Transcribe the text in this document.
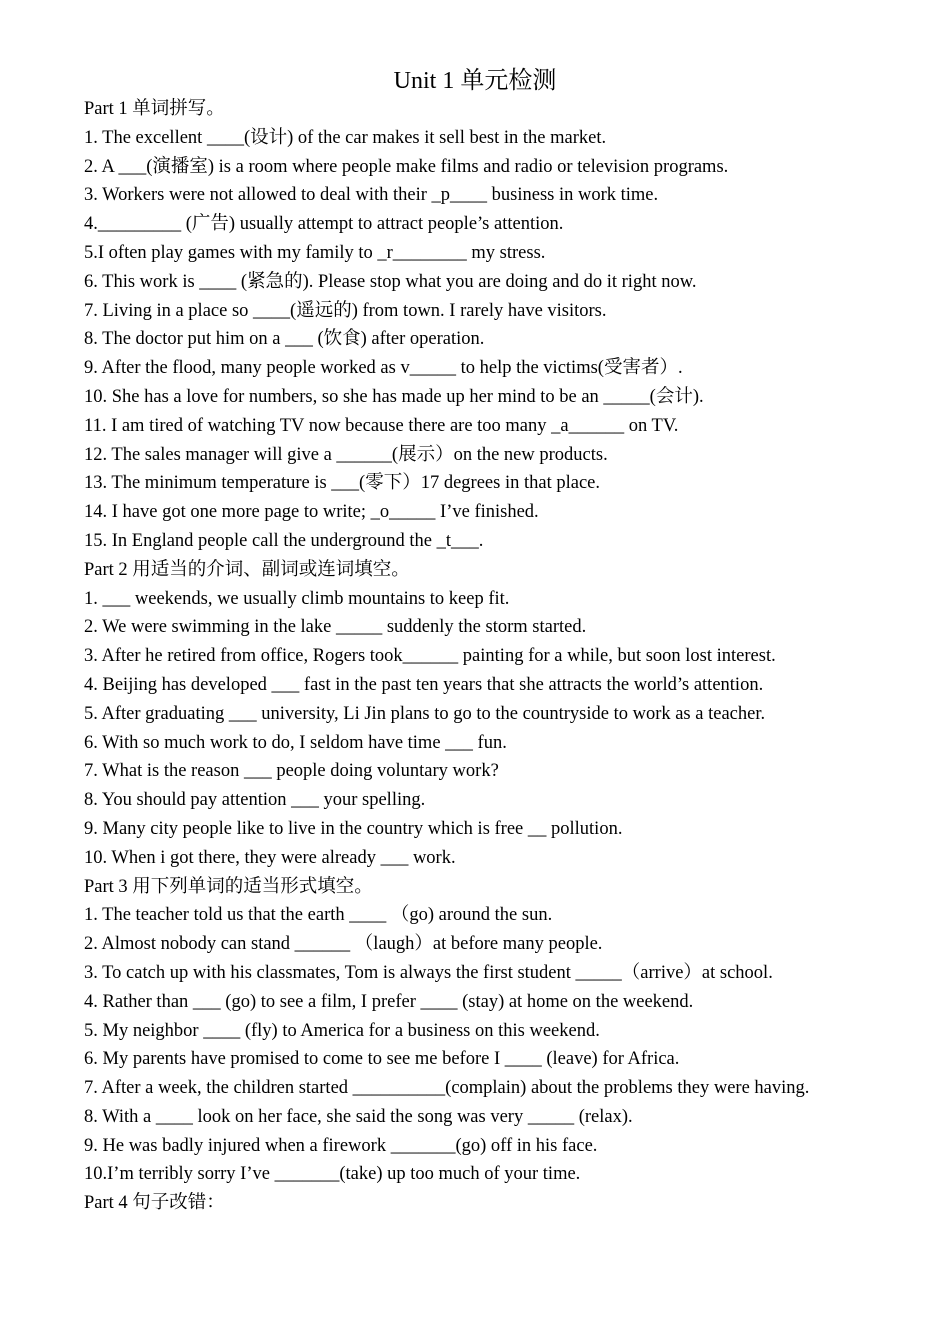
Unit 1 单元检测
Part 1 单词拼写。
1. The excellent ____(设计) of the car makes it sell best in the market.
2. A ___(演播室) is a room where people make films and radio or television programs.
3. Workers were not allowed to deal with their _p____ business in work time.
4._________ (广告) usually attempt to attract people’s attention.
5.I often play games with my family to _r________ my stress.
6. This work is ____ (紧急的). Please stop what you are doing and do it right now.
7. Living in a place so ____(遥远的) from town. I rarely have visitors.
8. The doctor put him on a ___ (饮食) after operation.
9. After the flood, many people worked as v_____ to help the victims(受害者）.
10. She has a love for numbers, so she has made up her mind to be an _____(会计).
11. I am tired of watching TV now because there are too many _a______ on TV.
12. The sales manager will give a ______(展示）on the new products.
13. The minimum temperature is ___(零下）17 degrees in that place.
14. I have got one more page to write; _o_____ I’ve finished.
15. In England people call the underground the _t___.
Part 2 用适当的介词、副词或连词填空。
1. ___ weekends, we usually climb mountains to keep fit.
2. We were swimming in the lake _____ suddenly the storm started.
3. After he retired from office, Rogers took______ painting for a while, but soon lost interest.
4. Beijing has developed ___ fast in the past ten years that she attracts the world’s attention.
5. After graduating ___ university, Li Jin plans to go to the countryside to work as a teacher.
6. With so much work to do, I seldom have time ___ fun.
7. What is the reason ___ people doing voluntary work?
8. You should pay attention ___ your spelling.
9. Many city people like to live in the country which is free __ pollution.
10. When i got there, they were already ___ work.
Part 3 用下列单词的适当形式填空。
1. The teacher told us that the earth ____ （go) around the sun.
2. Almost nobody can stand ______ （laugh）at before many people.
3. To catch up with his classmates, Tom is always the first student _____（arrive）at school.
4. Rather than ___ (go) to see a film, I prefer ____ (stay) at home on the weekend.
5. My neighbor ____ (fly) to America for a business on this weekend.
6. My parents have promised to come to see me before I ____ (leave) for Africa.
7. After a week, the children started __________(complain) about the problems they were having.
8. With a ____ look on her face, she said the song was very _____ (relax).
9. He was badly injured when a firework _______(go) off in his face.
10.I’m terribly sorry I’ve _______(take) up too much of your time.
Part 4 句子改错：
